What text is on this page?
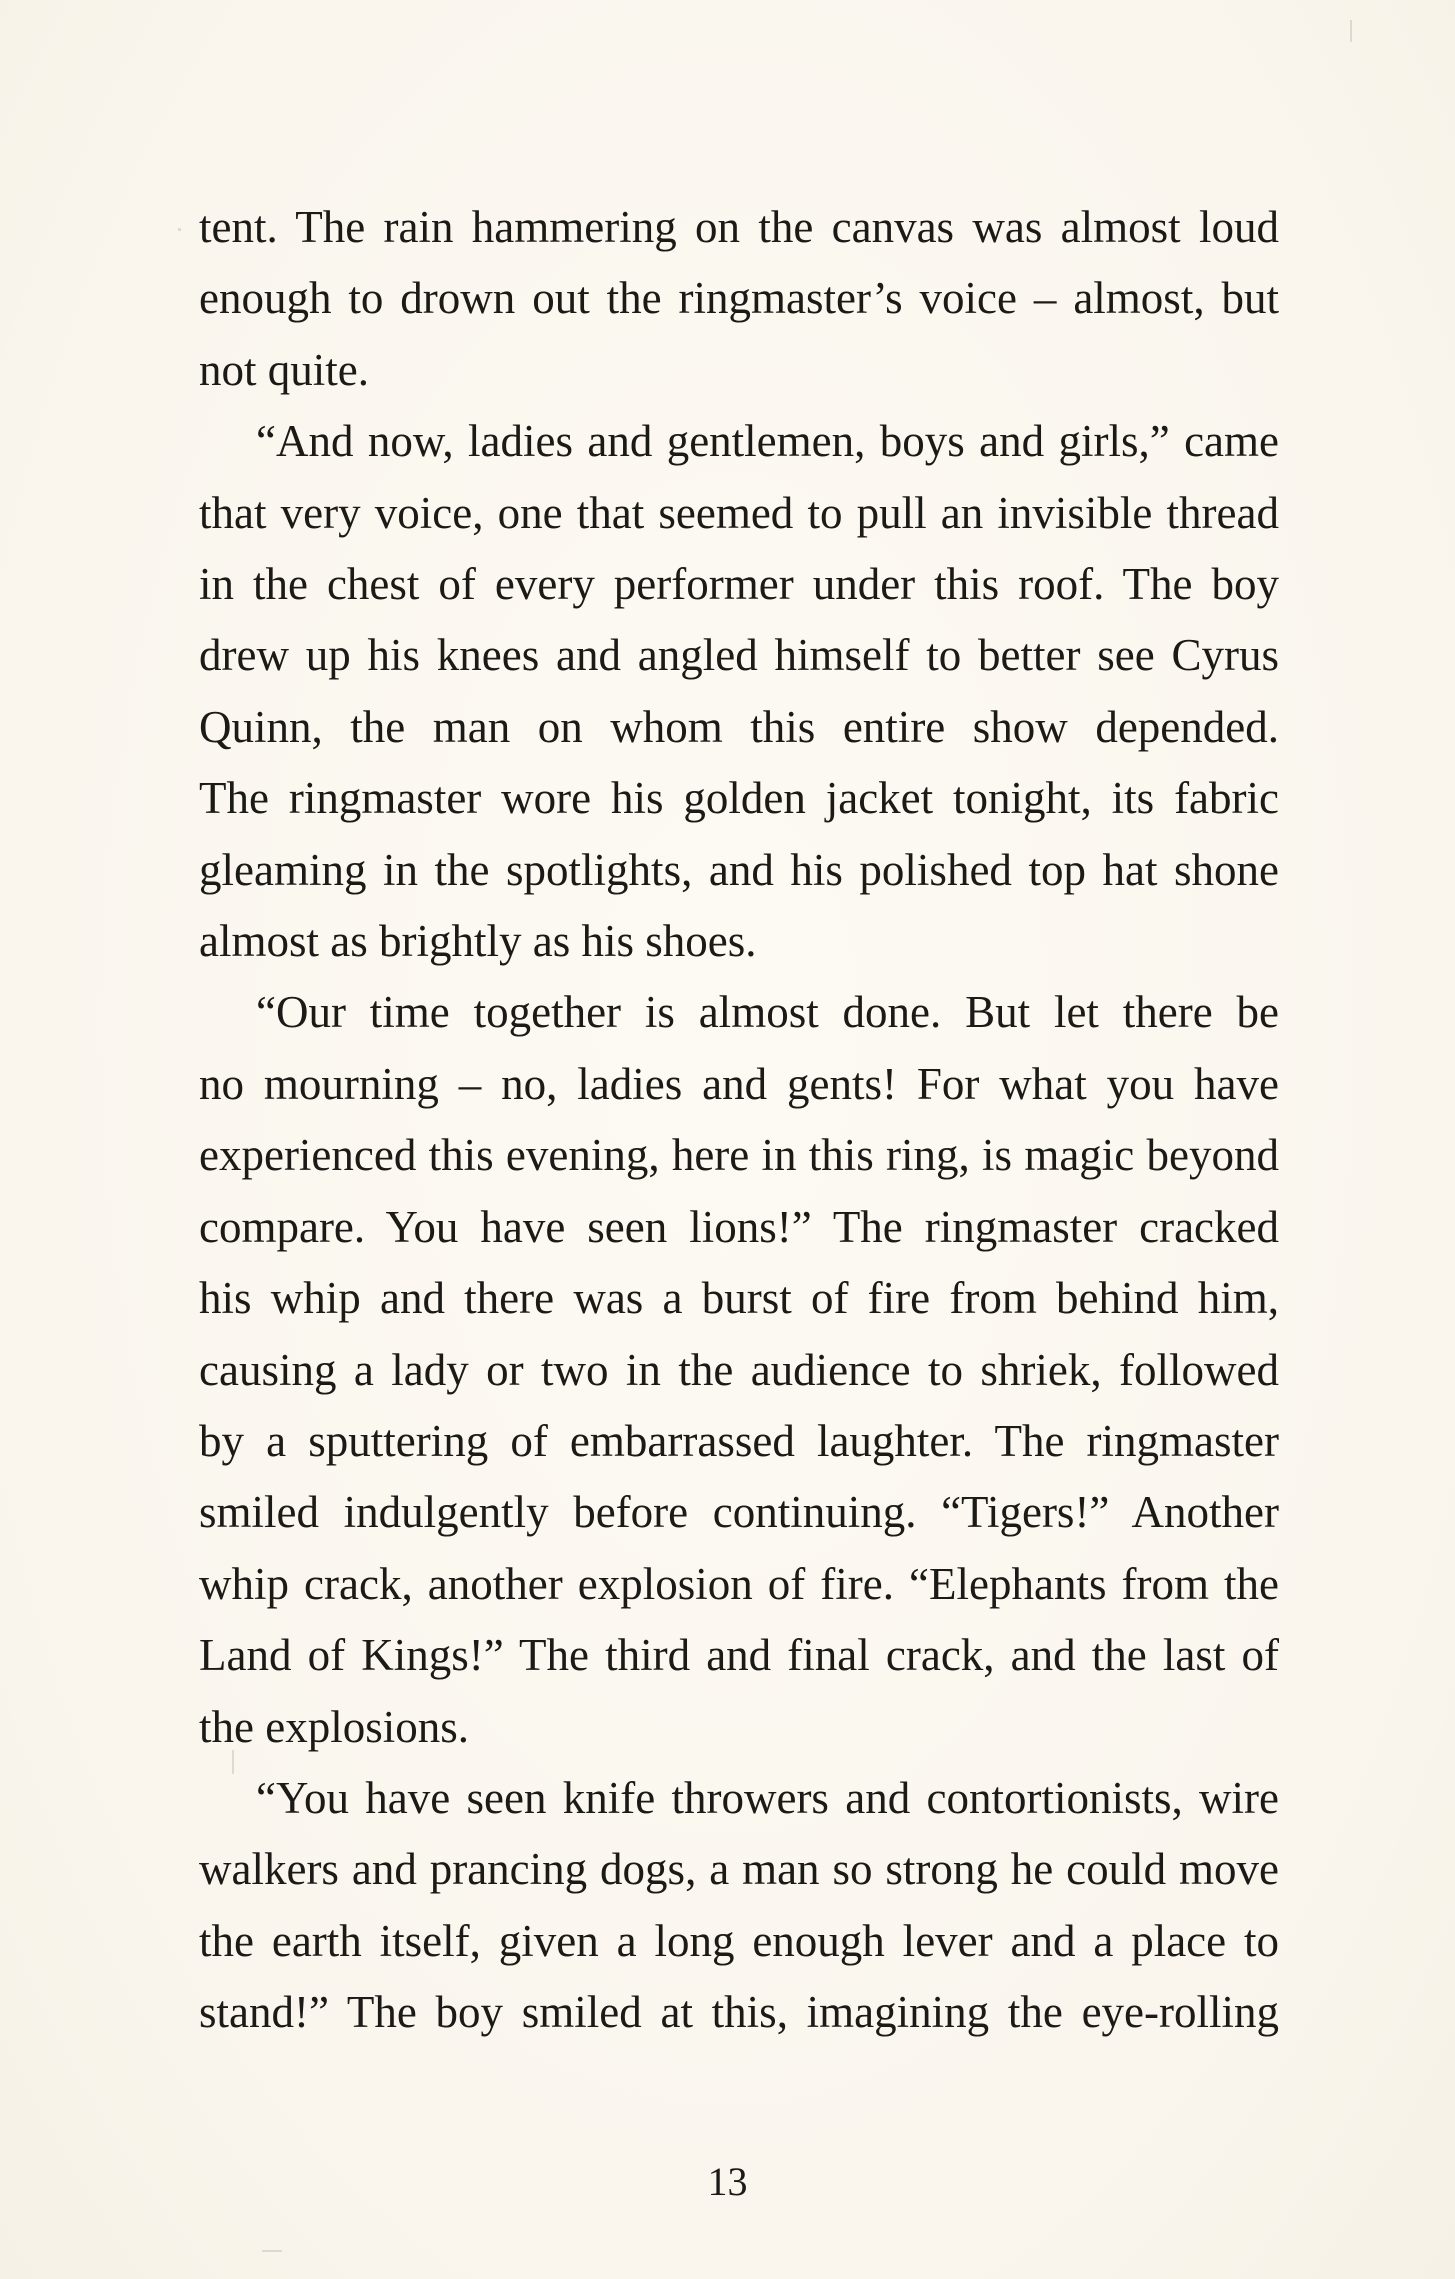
tent. The rain hammering on the canvas was almost loud
enough to drown out the ringmaster’s voice – almost, but
not quite.

“And now, ladies and gentlemen, boys and girls,” came
that very voice, one that seemed to pull an invisible thread
in the chest of every performer under this roof. The boy
drew up his knees and angled himself to better see Cyrus
Quinn, the man on whom this entire show depended.
The ringmaster wore his golden jacket tonight, its fabric
gleaming in the spotlights, and his polished top hat shone
almost as brightly as his shoes.

“Our time together is almost done. But let there be
no mourning – no, ladies and gents! For what you have
experienced this evening, here in this ring, is magic beyond
compare. You have seen lions!” The ringmaster cracked
his whip and there was a burst of fire from behind him,
causing a lady or two in the audience to shriek, followed
by a sputtering of embarrassed laughter. The ringmaster
smiled indulgently before continuing. “Tigers!” Another
whip crack, another explosion of fire. “Elephants from the
Land of Kings!” The third and final crack, and the last of
the explosions.

“You have seen knife throwers and contortionists, wire
walkers and prancing dogs, a man so strong he could move
the earth itself, given a long enough lever and a place to
stand!” The boy smiled at this, imagining the eye-rolling

13
